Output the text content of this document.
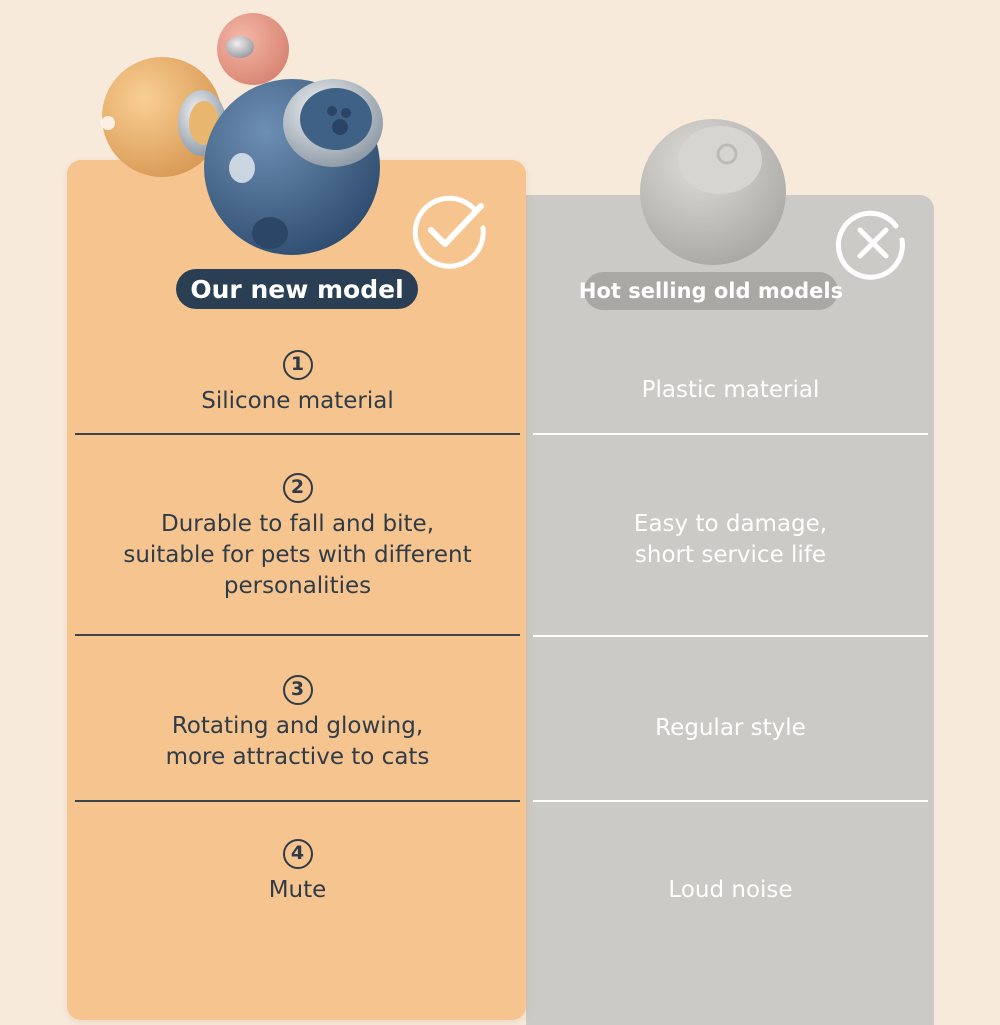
Our new model	Hot selling old models
1
Silicone material
2
Durable to fall and bite,
suitable for pets with different
personalities
3
Rotating and glowing,
more attractive to cats
4
Mute
Plastic material
Easy to damage,
short service life
Regular style
Loud noise
